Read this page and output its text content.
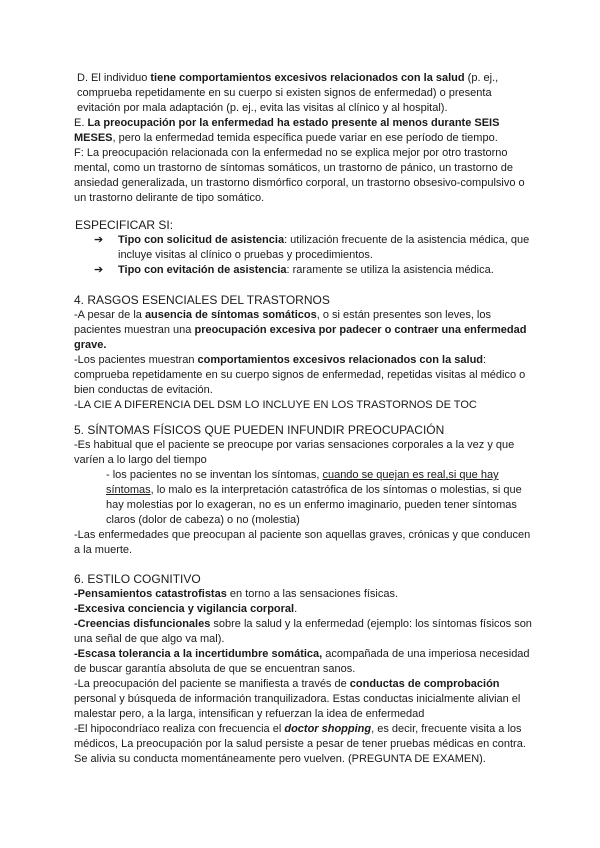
D. El individuo tiene comportamientos excesivos relacionados con la salud (p. ej., comprueba repetidamente en su cuerpo si existen signos de enfermedad) o presenta evitación por mala adaptación (p. ej., evita las visitas al clínico y al hospital).

E. La preocupación por la enfermedad ha estado presente al menos durante SEIS MESES, pero la enfermedad temida específica puede variar en ese período de tiempo.

F: La preocupación relacionada con la enfermedad no se explica mejor por otro trastorno mental, como un trastorno de síntomas somáticos, un trastorno de pánico, un trastorno de ansiedad generalizada, un trastorno dismórfico corporal, un trastorno obsesivo-compulsivo o un trastorno delirante de tipo somático.

ESPECIFICAR SI:

➔ Tipo con solicitud de asistencia: utilización frecuente de la asistencia médica, que incluye visitas al clínico o pruebas y procedimientos.
➔ Tipo con evitación de asistencia: raramente se utiliza la asistencia médica.

4. RASGOS ESENCIALES DEL TRASTORNOS

-A pesar de la ausencia de síntomas somáticos, o si están presentes son leves, los pacientes muestran una preocupación excesiva por padecer o contraer una enfermedad grave.

-Los pacientes muestran comportamientos excesivos relacionados con la salud: comprueba repetidamente en su cuerpo signos de enfermedad, repetidas visitas al médico o bien conductas de evitación.

-LA CIE A DIFERENCIA DEL DSM LO INCLUYE EN LOS TRASTORNOS DE TOC

5. SÍNTOMAS FÍSICOS QUE PUEDEN INFUNDIR PREOCUPACIÓN

-Es habitual que el paciente se preocupe por varias sensaciones corporales a la vez y que varíen a lo largo del tiempo

- los pacientes no se inventan los síntomas, cuando se quejan es real,si que hay síntomas, lo malo es la interpretación catastrófica de los síntomas o molestias, si que hay molestias por lo exageran, no es un enfermo imaginario, pueden tener síntomas claros (dolor de cabeza) o no (molestia)

-Las enfermedades que preocupan al paciente son aquellas graves, crónicas y que conducen a la muerte.

6. ESTILO COGNITIVO

-Pensamientos catastrofistas en torno a las sensaciones físicas.

-Excesiva conciencia y vigilancia corporal.

-Creencias disfuncionales sobre la salud y la enfermedad (ejemplo: los síntomas físicos son una señal de que algo va mal).

-Escasa tolerancia a la incertidumbre somática, acompañada de una imperiosa necesidad de buscar garantía absoluta de que se encuentran sanos.

-La preocupación del paciente se manifiesta a través de conductas de comprobación personal y búsqueda de información tranquilizadora. Estas conductas inicialmente alivian el malestar pero, a la larga, intensifican y refuerzan la idea de enfermedad

-El hipocondríaco realiza con frecuencia el doctor shopping, es decir, frecuente visita a los médicos, La preocupación por la salud persiste a pesar de tener pruebas médicas en contra. Se alivia su conducta momentáneamente pero vuelven. (PREGUNTA DE EXAMEN).
